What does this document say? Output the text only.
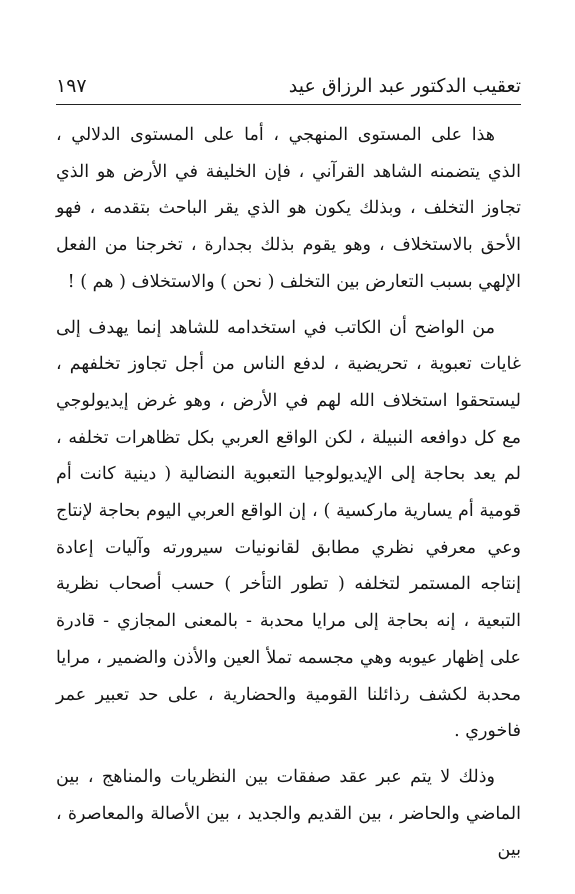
تعقيب الدكتور عبد الرزاق عيد
١٩٧

هذا على المستوى المنهجي ، أما على المستوى الدلالي ، الذي يتضمنه الشاهد القرآني ، فإن الخليفة في الأرض هو الذي تجاوز التخلف ، وبذلك يكون هو الذي يقر الباحث بتقدمه ، فهو الأحق بالاستخلاف ، وهو يقوم بذلك بجدارة ، تخرجنا من الفعل الإلهي بسبب التعارض بين التخلف ( نحن ) والاستخلاف ( هم ) !

من الواضح أن الكاتب في استخدامه للشاهد إنما يهدف إلى غايات تعبوية ، تحريضية ، لدفع الناس من أجل تجاوز تخلفهم ، ليستحقوا استخلاف الله لهم في الأرض ، وهو غرض إيديولوجي مع كل دوافعه النبيلة ، لكن الواقع العربي بكل تظاهرات تخلفه ، لم يعد بحاجة إلى الإيديولوجيا التعبوية النضالية ( دينية كانت أم قومية أم يسارية ماركسية ) ، إن الواقع العربي اليوم بحاجة لإنتاج وعي معرفي نظري مطابق لقانونيات سيرورته وآليات إعادة إنتاجه المستمر لتخلفه ( تطور التأخر ) حسب أصحاب نظرية التبعية ، إنه بحاجة إلى مرايا محدبة - بالمعنى المجازي - قادرة على إظهار عيوبه وهي مجسمه تملأ العين والأذن والضمير ، مرايا محدبة لكشف رذائلنا القومية والحضارية ، على حد تعبير عمر فاخوري .

وذلك لا يتم عبر عقد صفقات بين النظريات والمناهج ، بين الماضي والحاضر ، بين القديم والجديد ، بين الأصالة والمعاصرة ، بين
